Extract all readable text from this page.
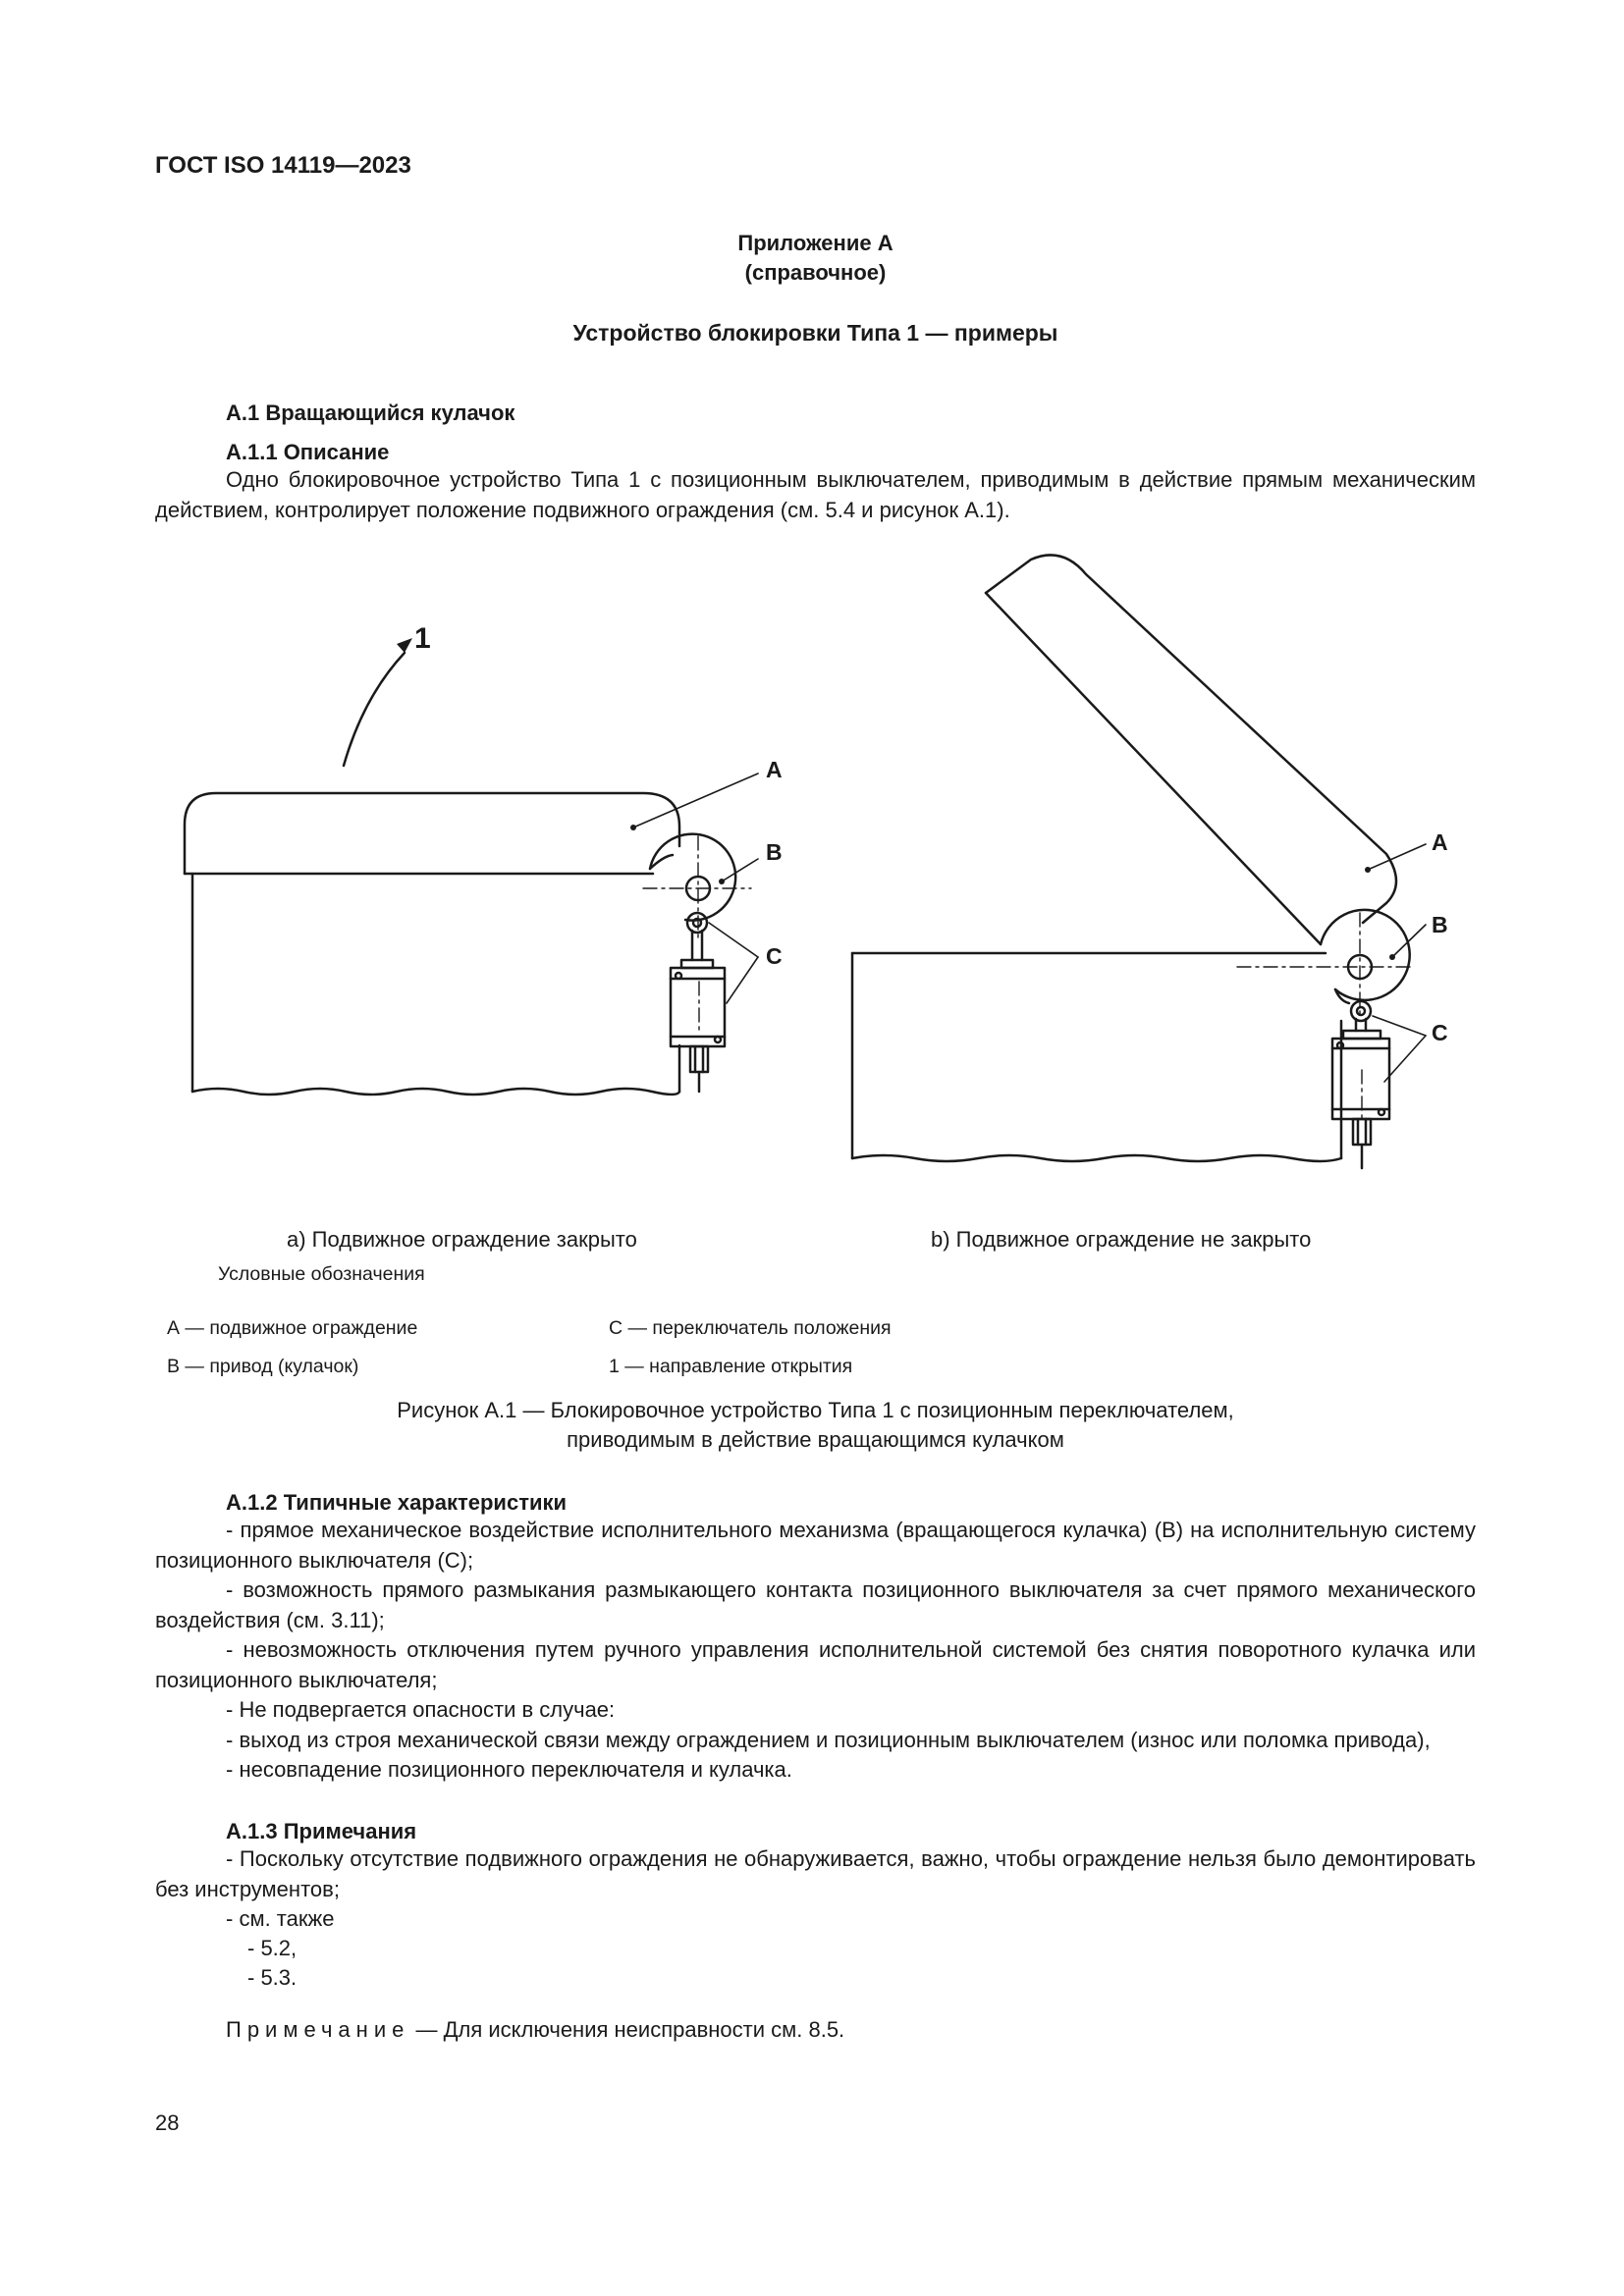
ГОСТ ISO 14119—2023
Приложение А
(справочное)
Устройство блокировки Типа 1 — примеры
А.1 Вращающийся кулачок
А.1.1 Описание

Одно блокировочное устройство Типа 1 с позиционным выключателем, приводимым в действие прямым механическим действием, контролирует положение подвижного ограждения (см. 5.4 и рисунок А.1).

1
A
B
C
A
B
C
a) Подвижное ограждение закрыто	b) Подвижное ограждение не закрыто
Условные обозначения
А — подвижное ограждение	С — переключатель положения
В — привод (кулачок)	1 — направление открытия
Рисунок А.1 — Блокировочное устройство Типа 1 с позиционным переключателем,
приводимым в действие вращающимся кулачком
А.1.2 Типичные характеристики

- прямое механическое воздействие исполнительного механизма (вращающегося кулачка) (B) на исполнительную систему позиционного выключателя (C);

- возможность прямого размыкания размыкающего контакта позиционного выключателя за счет прямого механического воздействия (см. 3.11);

- невозможность отключения путем ручного управления исполнительной системой без снятия поворотного кулачка или позиционного выключателя;

- Не подвергается опасности в случае:

- выход из строя механической связи между ограждением и позиционным выключателем (износ или поломка привода),

- несовпадение позиционного переключателя и кулачка.

А.1.3 Примечания

- Поскольку отсутствие подвижного ограждения не обнаруживается, важно, чтобы ограждение нельзя было демонтировать без инструментов;

- см. также
- 5.2,
- 5.3.
Примечание — Для исключения неисправности см. 8.5.
28
